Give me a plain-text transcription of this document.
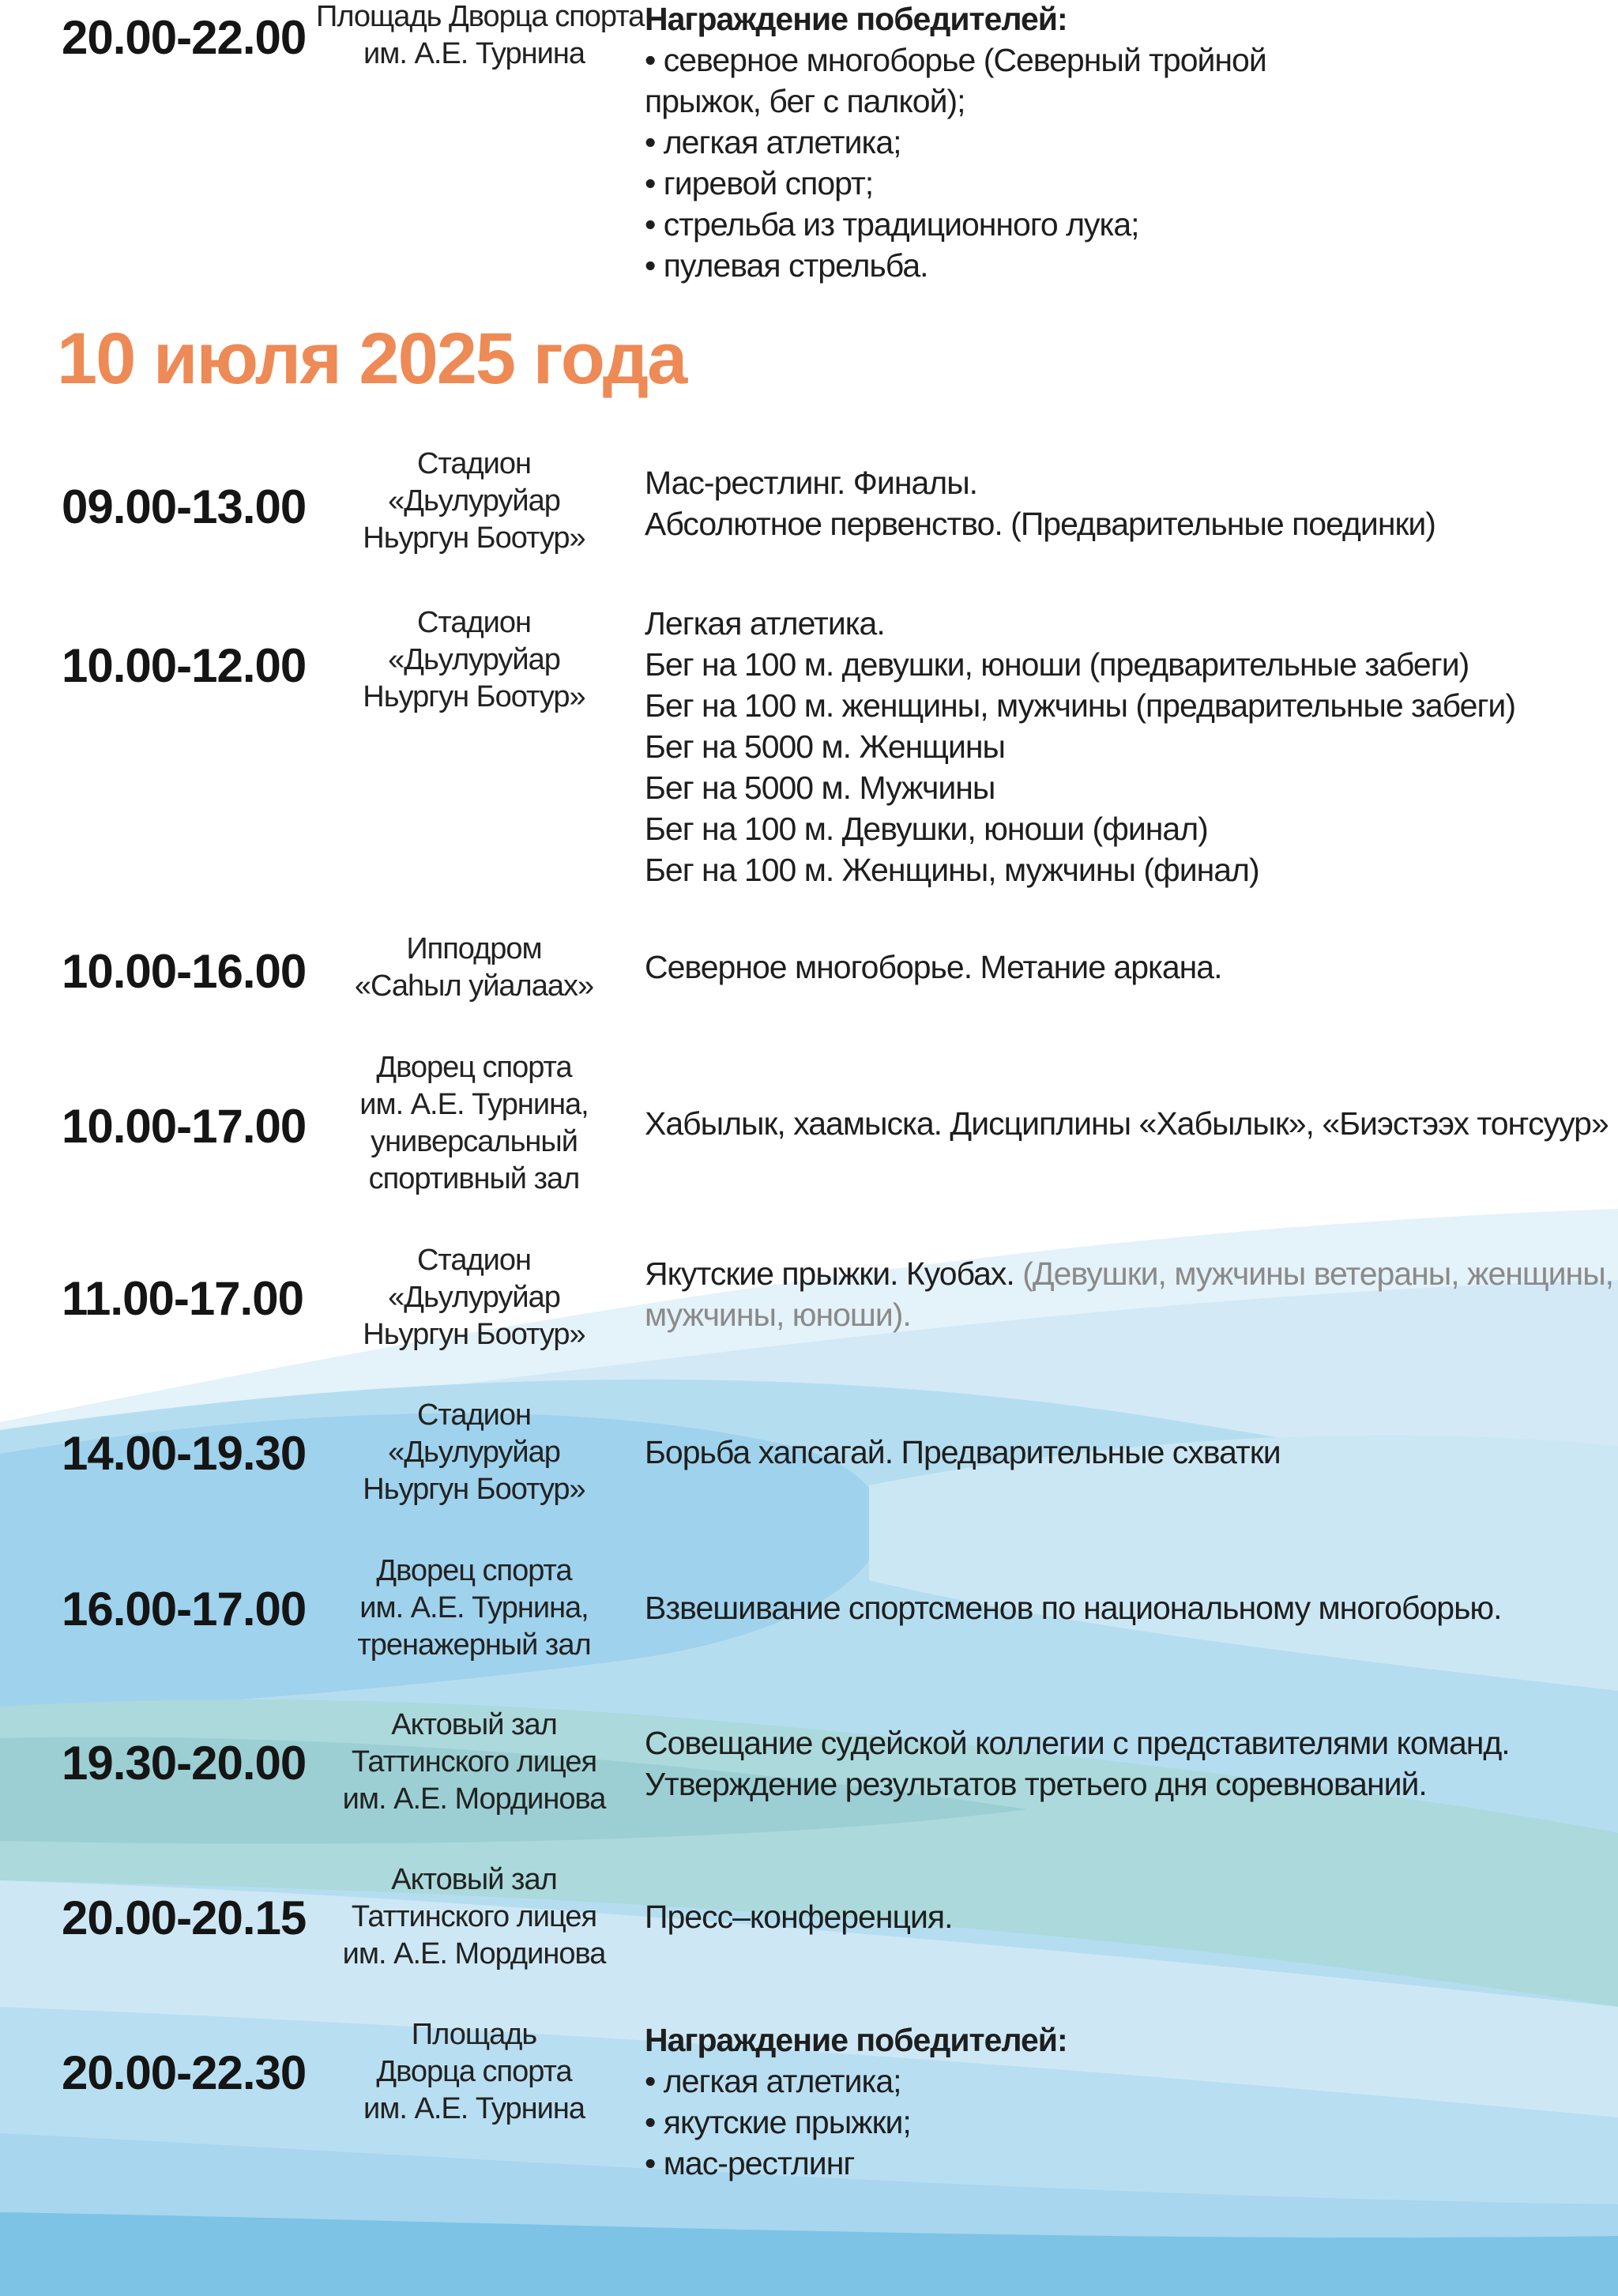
20.00-22.00 Площадь Дворца спорта
им. А.Е. Турнина
Награждение победителей:
• северное многоборье (Северный тройной
прыжок, бег с палкой);
• легкая атлетика;
• гиревой спорт;
• стрельба из традиционного лука;
• пулевая стрельба.
10 июля 2025 года
09.00-13.00
Стадион
«Дьулуруйар
Ньургун Боотур»
Мас-рестлинг. Финалы.
Абсолютное первенство. (Предварительные поединки)
10.00-12.00
Стадион
«Дьулуруйар
Ньургун Боотур»
Легкая атлетика.
Бег на 100 м. девушки, юноши (предварительные забеги)
Бег на 100 м. женщины, мужчины (предварительные забеги)
Бег на 5000 м. Женщины
Бег на 5000 м. Мужчины
Бег на 100 м. Девушки, юноши (финал)
Бег на 100 м. Женщины, мужчины (финал)
10.00-16.00	Ипподром
«Саһыл уйалаах»
Северное многоборье. Метание аркана.
10.00-17.00
Дворец спорта
им. А.Е. Турнина,
универсальный
спортивный зал
Хабылык, хаамыска. Дисциплины «Хабылык», «Биэстээх тоҥсуур»
11.00-17.00
Стадион
«Дьулуруйар
Ньургун Боотур»
Якутские прыжки. Куобах. (Девушки, мужчины ветераны, женщины,
мужчины, юноши).
14.00-19.30
Стадион
«Дьулуруйар
Ньургун Боотур»
Борьба хапсагай. Предварительные схватки
16.00-17.00
Дворец спорта
им. А.Е. Турнина,
тренажерный зал
Взвешивание спортсменов по национальному многоборью.
19.30-20.00
Актовый зал
Таттинского лицея
им. А.Е. Мординова
Совещание судейской коллегии с представителями команд.
Утверждение результатов третьего дня соревнований.
20.00-20.15
Актовый зал
Таттинского лицея
им. А.Е. Мординова
Пресс–конференция.
20.00-22.30
Площадь
Дворца спорта
им. А.Е. Турнина
Награждение победителей:
• легкая атлетика;
• якутские прыжки;
• мас-рестлинг
